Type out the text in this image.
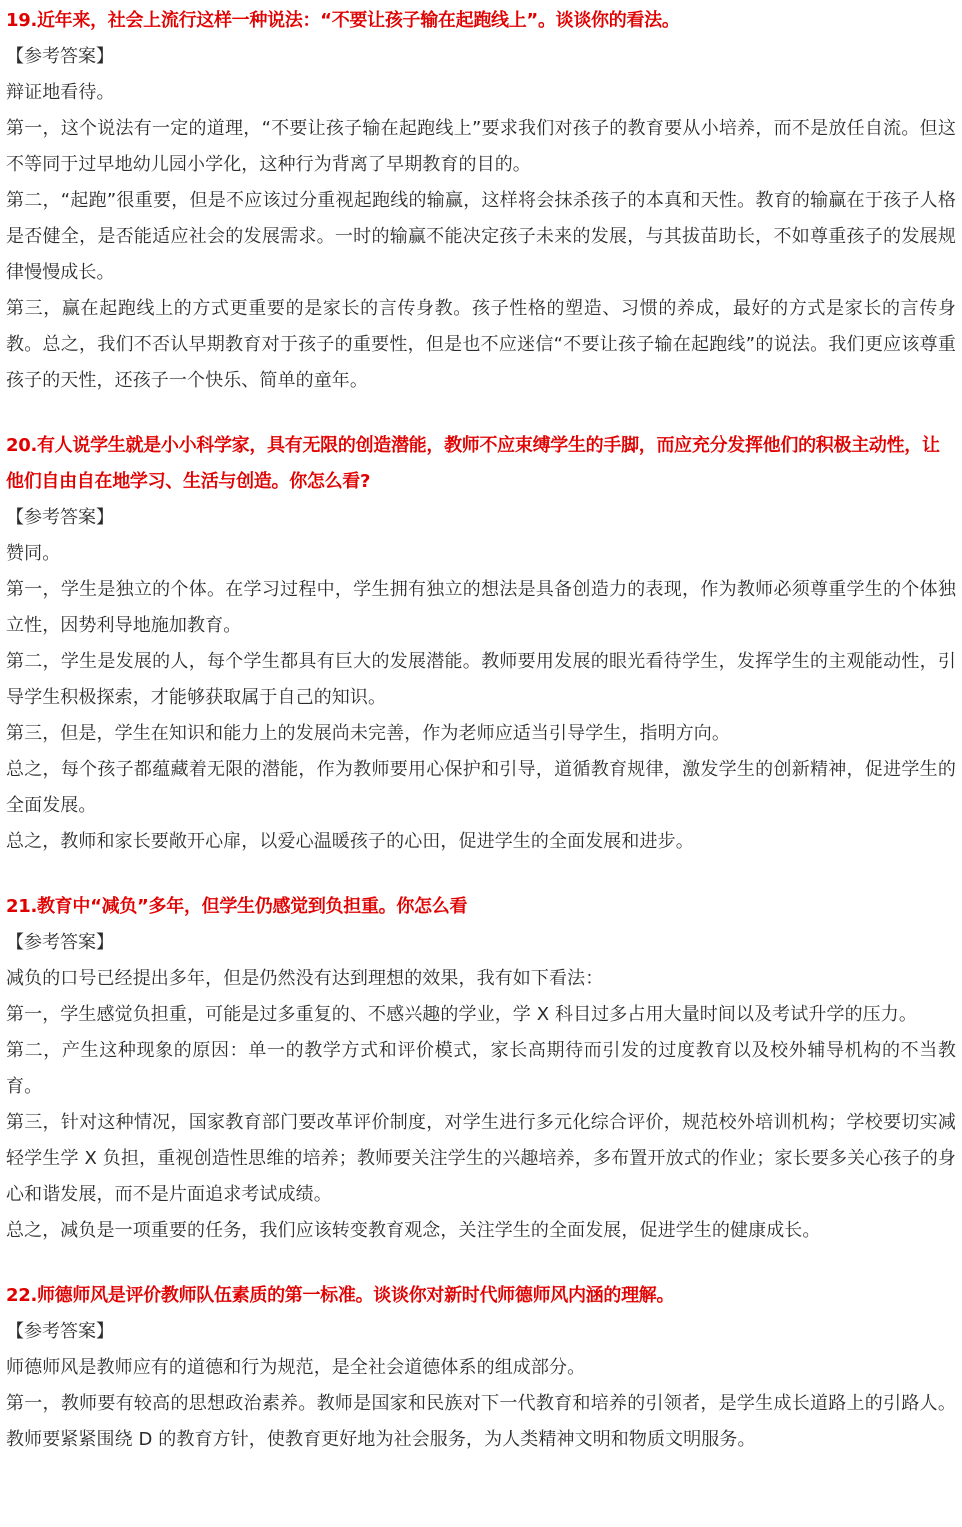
19.近年来，社会上流行这样一种说法：“不要让孩子输在起跑线上”。谈谈你的看法。
【参考答案】
辩证地看待。
第一，这个说法有一定的道理，“不要让孩子输在起跑线上”要求我们对孩子的教育要从小培养，而不是放任自流。但这不等同于过早地幼儿园小学化，这种行为背离了早期教育的目的。
第二，“起跑”很重要，但是不应该过分重视起跑线的输赢，这样将会抹杀孩子的本真和天性。教育的输赢在于孩子人格是否健全，是否能适应社会的发展需求。一时的输赢不能决定孩子未来的发展，与其拔苗助长，不如尊重孩子的发展规律慢慢成长。
第三，赢在起跑线上的方式更重要的是家长的言传身教。孩子性格的塑造、习惯的养成，最好的方式是家长的言传身教。总之，我们不否认早期教育对于孩子的重要性，但是也不应迷信“不要让孩子输在起跑线”的说法。我们更应该尊重孩子的天性，还孩子一个快乐、简单的童年。
20.有人说学生就是小小科学家，具有无限的创造潜能，教师不应束缚学生的手脚，而应充分发挥他们的积极主动性，让他们自由自在地学习、生活与创造。你怎么看?
【参考答案】
赞同。
第一，学生是独立的个体。在学习过程中，学生拥有独立的想法是具备创造力的表现，作为教师必须尊重学生的个体独立性，因势利导地施加教育。
第二，学生是发展的人，每个学生都具有巨大的发展潜能。教师要用发展的眼光看待学生，发挥学生的主观能动性，引导学生积极探索，才能够获取属于自己的知识。
第三，但是，学生在知识和能力上的发展尚未完善，作为老师应适当引导学生，指明方向。
总之，每个孩子都蕴藏着无限的潜能，作为教师要用心保护和引导，道循教育规律，激发学生的创新精神，促进学生的全面发展。
总之，教师和家长要敞开心扉，以爱心温暖孩子的心田，促进学生的全面发展和进步。
21.教育中“减负”多年，但学生仍感觉到负担重。你怎么看
【参考答案】
减负的口号已经提出多年，但是仍然没有达到理想的效果，我有如下看法：
第一，学生感觉负担重，可能是过多重复的、不感兴趣的学业，学 X 科目过多占用大量时间以及考试升学的压力。
第二，产生这种现象的原因：单一的教学方式和评价模式，家长高期待而引发的过度教育以及校外辅导机构的不当教育。
第三，针对这种情况，国家教育部门要改革评价制度，对学生进行多元化综合评价，规范校外培训机构；学校要切实减轻学生学 X 负担，重视创造性思维的培养；教师要关注学生的兴趣培养，多布置开放式的作业；家长要多关心孩子的身心和谐发展，而不是片面追求考试成绩。
总之，减负是一项重要的任务，我们应该转变教育观念，关注学生的全面发展，促进学生的健康成长。
22.师德师风是评价教师队伍素质的第一标准。谈谈你对新时代师德师风内涵的理解。
【参考答案】
师德师风是教师应有的道德和行为规范，是全社会道德体系的组成部分。
第一，教师要有较高的思想政治素养。教师是国家和民族对下一代教育和培养的引领者，是学生成长道路上的引路人。教师要紧紧围绕 D 的教育方针，使教育更好地为社会服务，为人类精神文明和物质文明服务。
